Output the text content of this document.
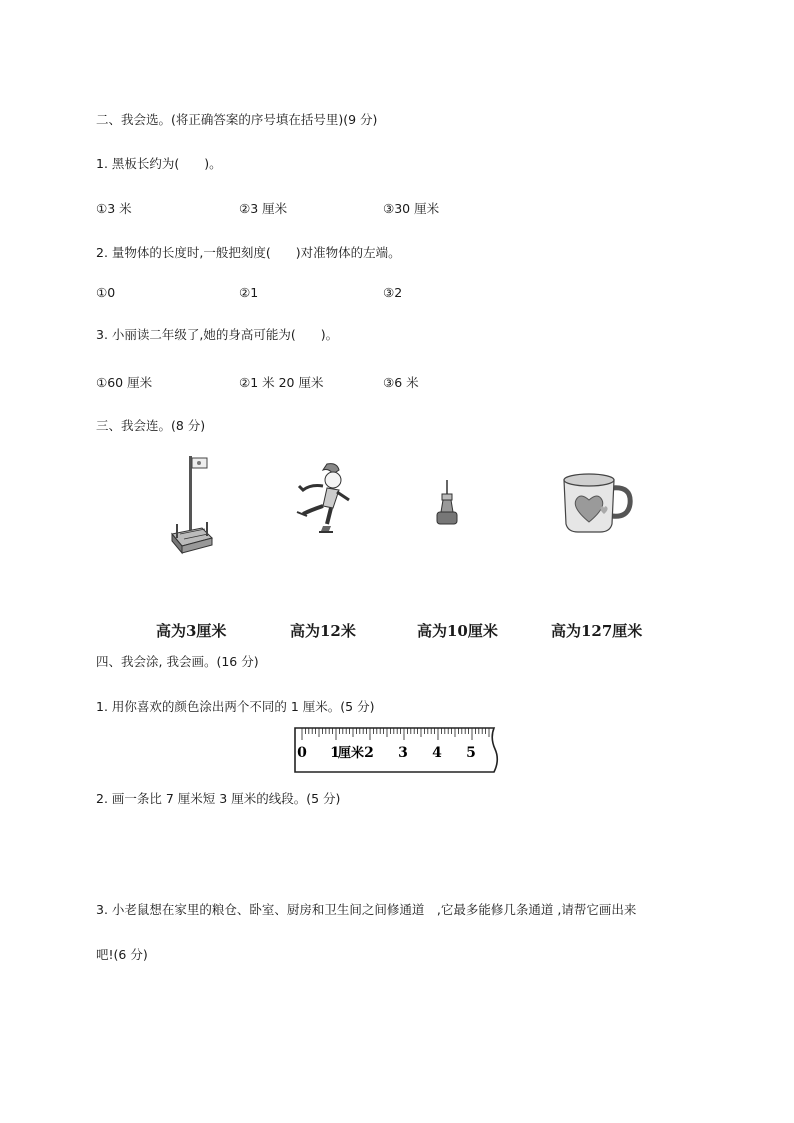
二、我会选。(将正确答案的序号填在括号里)(9 分)
1. 黑板长约为(　　)。
①3 米	②3 厘米	③30 厘米
2. 量物体的长度时,一般把刻度(　　)对准物体的左端。
①0	②1	③2
3. 小丽读二年级了,她的身高可能为(　　)。
①60 厘米	②1 米 20 厘米	③6 米
三、我会连。(8 分)
高为3厘米	高为12米	高为10厘米	高为127厘米
四、我会涂, 我会画。(16 分)
1. 用你喜欢的颜色涂出两个不同的 1 厘米。(5 分)
0 1
厘米 2 3 4 5
2. 画一条比 7 厘米短 3 厘米的线段。(5 分)
3. 小老鼠想在家里的粮仓、卧室、厨房和卫生间之间修通道　,它最多能修几条通道 ,请帮它画出来
吧!(6 分)
